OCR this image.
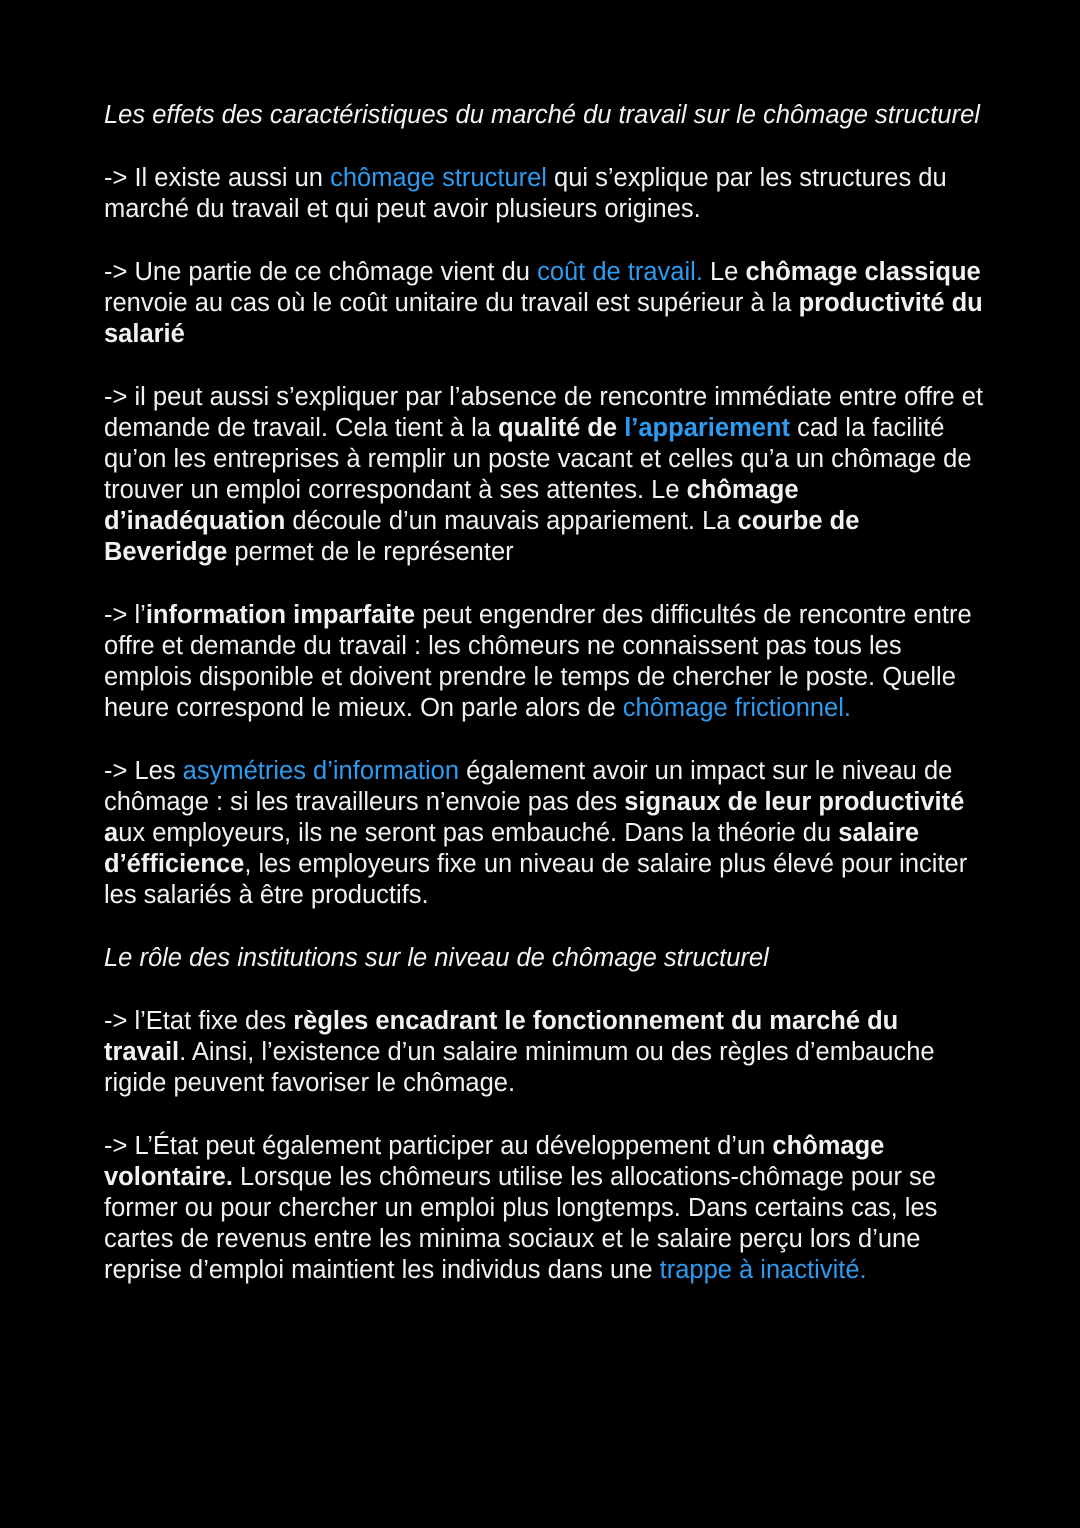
Les effets des caractéristiques du marché du travail sur le chômage structurel

-> Il existe aussi un chômage structurel qui s’explique par les structures du marché du travail et qui peut avoir plusieurs origines.

-> Une partie de ce chômage vient du coût de travail. Le chômage classique renvoie au cas où le coût unitaire du travail est supérieur à la productivité du salarié

-> il peut aussi s’expliquer par l’absence de rencontre immédiate entre offre et demande de travail. Cela tient à la qualité de l’appariement cad la facilité qu’on les entreprises à remplir un poste vacant et celles qu’a un chômage de trouver un emploi correspondant à ses attentes. Le chômage d’inadéquation découle d’un mauvais appariement. La courbe de Beveridge permet de le représenter

-> l’information imparfaite peut engendrer des difficultés de rencontre entre offre et demande du travail : les chômeurs ne connaissent pas tous les emplois disponible et doivent prendre le temps de chercher le poste. Quelle heure correspond le mieux. On parle alors de chômage frictionnel.

-> Les asymétries d’information également avoir un impact sur le niveau de chômage : si les travailleurs n’envoie pas des signaux de leur productivité aux employeurs, ils ne seront pas embauché. Dans la théorie du salaire d’éfficience, les employeurs fixe un niveau de salaire plus élevé pour inciter les salariés à être productifs.

Le rôle des institutions sur le niveau de chômage structurel

-> l’Etat fixe des règles encadrant le fonctionnement du marché du travail. Ainsi, l’existence d’un salaire minimum ou des règles d’embauche rigide peuvent favoriser le chômage.

-> L’État peut également participer au développement d’un chômage volontaire. Lorsque les chômeurs utilise les allocations-chômage pour se former ou pour chercher un emploi plus longtemps. Dans certains cas, les cartes de revenus entre les minima sociaux et le salaire perçu lors d’une reprise d’emploi maintient les individus dans une trappe à inactivité.
